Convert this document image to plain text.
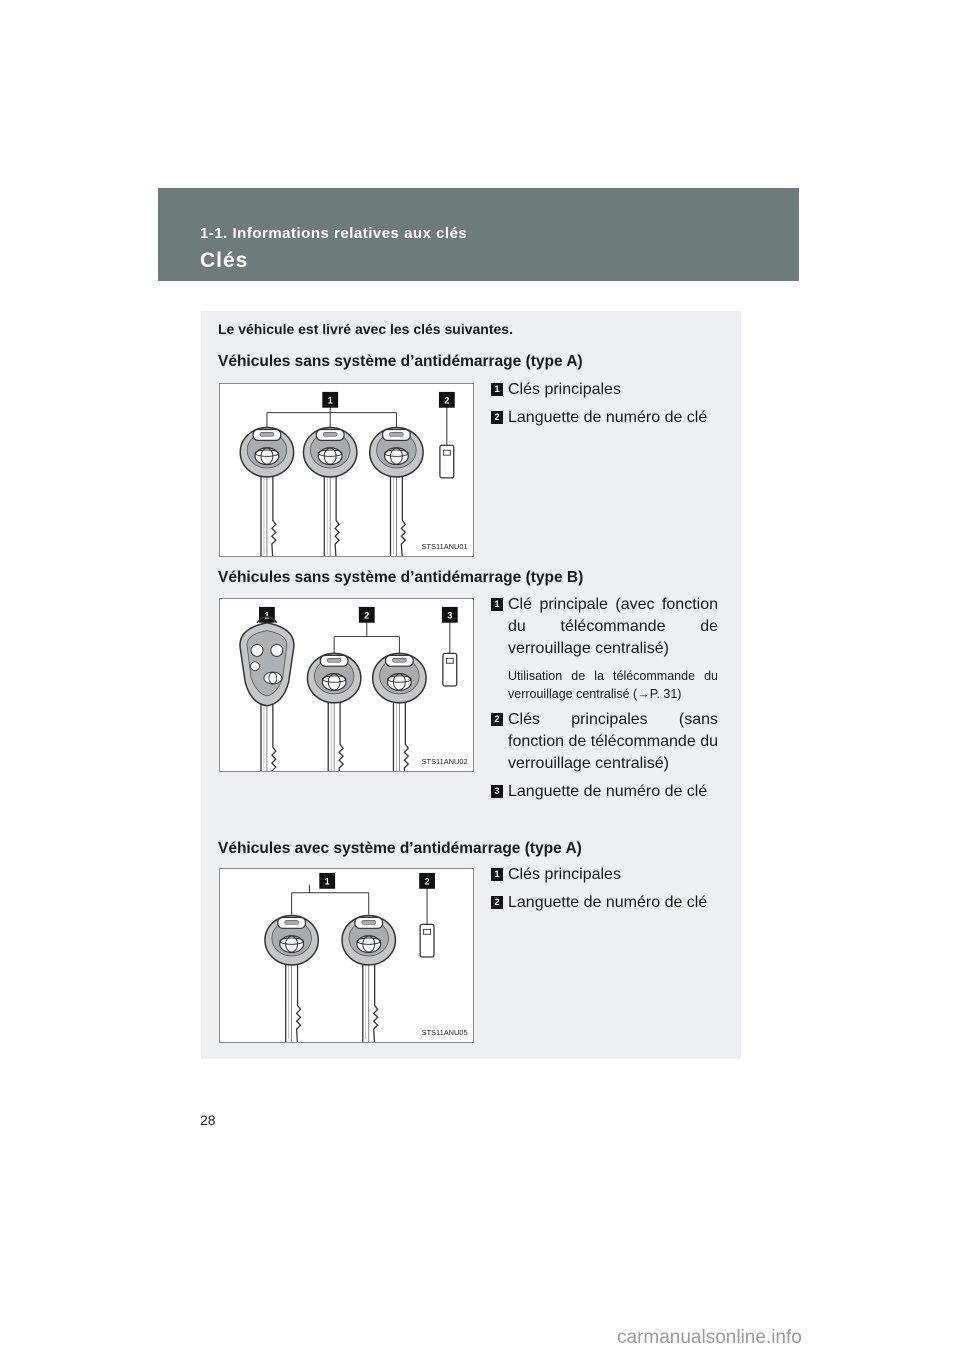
1-1. Informations relatives aux clés
Clés
Le véhicule est livré avec les clés suivantes.
Véhicules sans système d’antidémarrage (type A)
1	2
STS11ANU01
1 Clés principales
2 Languette de numéro de clé
Véhicules sans système d’antidémarrage (type B)
1	2	3
STS11ANU02
1 Clé principale (avec fonction du télécommande de verrouillage centralisé)
Utilisation de la télécommande du verrouillage centralisé (→P. 31)
2 Clés principales (sans fonction de télécommande du verrouillage centralisé)
3 Languette de numéro de clé
Véhicules avec système d’antidémarrage (type A)
1	2
STS11ANU05
1 Clés principales
2 Languette de numéro de clé
28
carmanualsonline.info
